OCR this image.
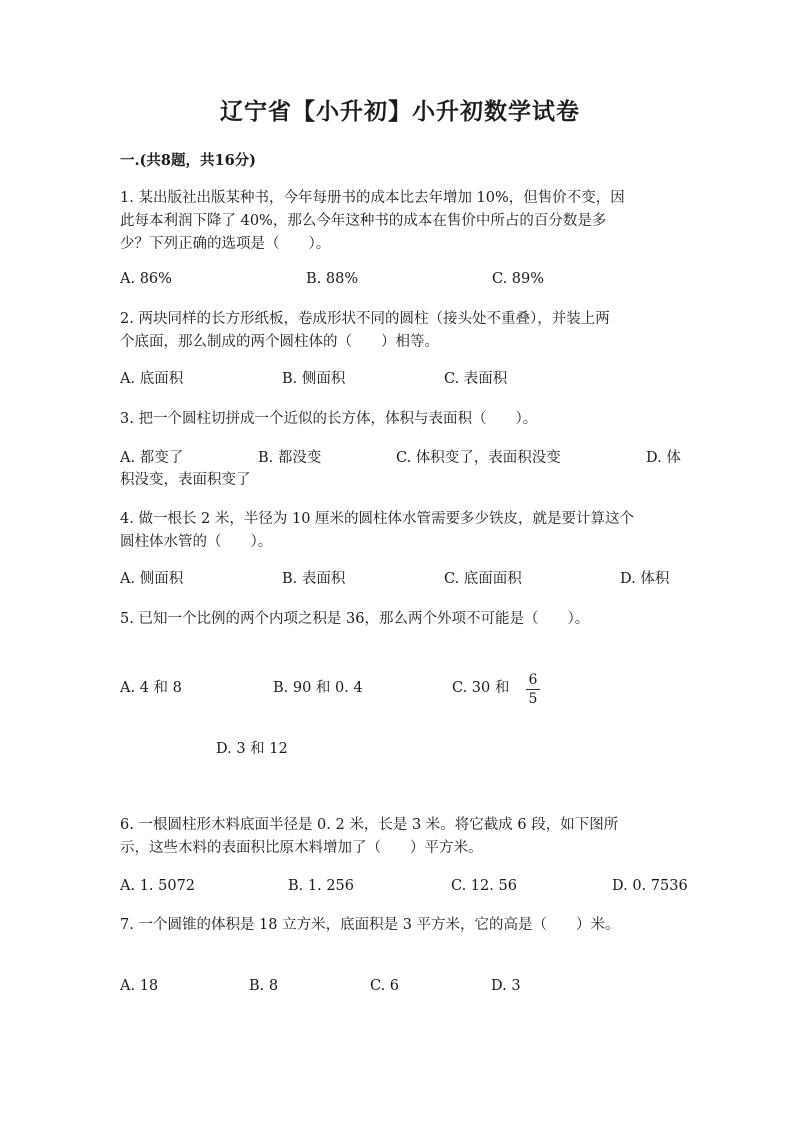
辽宁省【小升初】小升初数学试卷
一.(共8题，共16分)
1. 某出版社出版某种书，今年每册书的成本比去年增加 10%，但售价不变，因
此每本利润下降了 40%，那么今年这种书的成本在售价中所占的百分数是多
少？下列正确的选项是（　　）。
A. 86%	B. 88%	C. 89%
2. 两块同样的长方形纸板，卷成形状不同的圆柱（接头处不重叠），并装上两
个底面，那么制成的两个圆柱体的（　　）相等。
A. 底面积	B. 侧面积	C. 表面积
3. 把一个圆柱切拼成一个近似的长方体，体积与表面积（　　）。
A. 都变了	B. 都没变	C. 体积变了，表面积没变	D. 体
积没变，表面积变了
4. 做一根长 2 米，半径为 10 厘米的圆柱体水管需要多少铁皮，就是要计算这个
圆柱体水管的（　　）。
A. 侧面积	B. 表面积	C. 底面面积	D. 体积
5. 已知一个比例的两个内项之积是 36，那么两个外项不可能是（　　）。
A. 4 和 8	B. 90 和 0. 4	C. 30 和 6
5
D. 3 和 12
6. 一根圆柱形木料底面半径是 0. 2 米，长是 3 米。将它截成 6 段，如下图所
示，这些木料的表面积比原木料增加了（　　）平方米。
A. 1. 5072	B. 1. 256	C. 12. 56	D. 0. 7536
7. 一个圆锥的体积是 18 立方米，底面积是 3 平方米，它的高是（　　）米。
A. 18	B. 8	C. 6	D. 3
